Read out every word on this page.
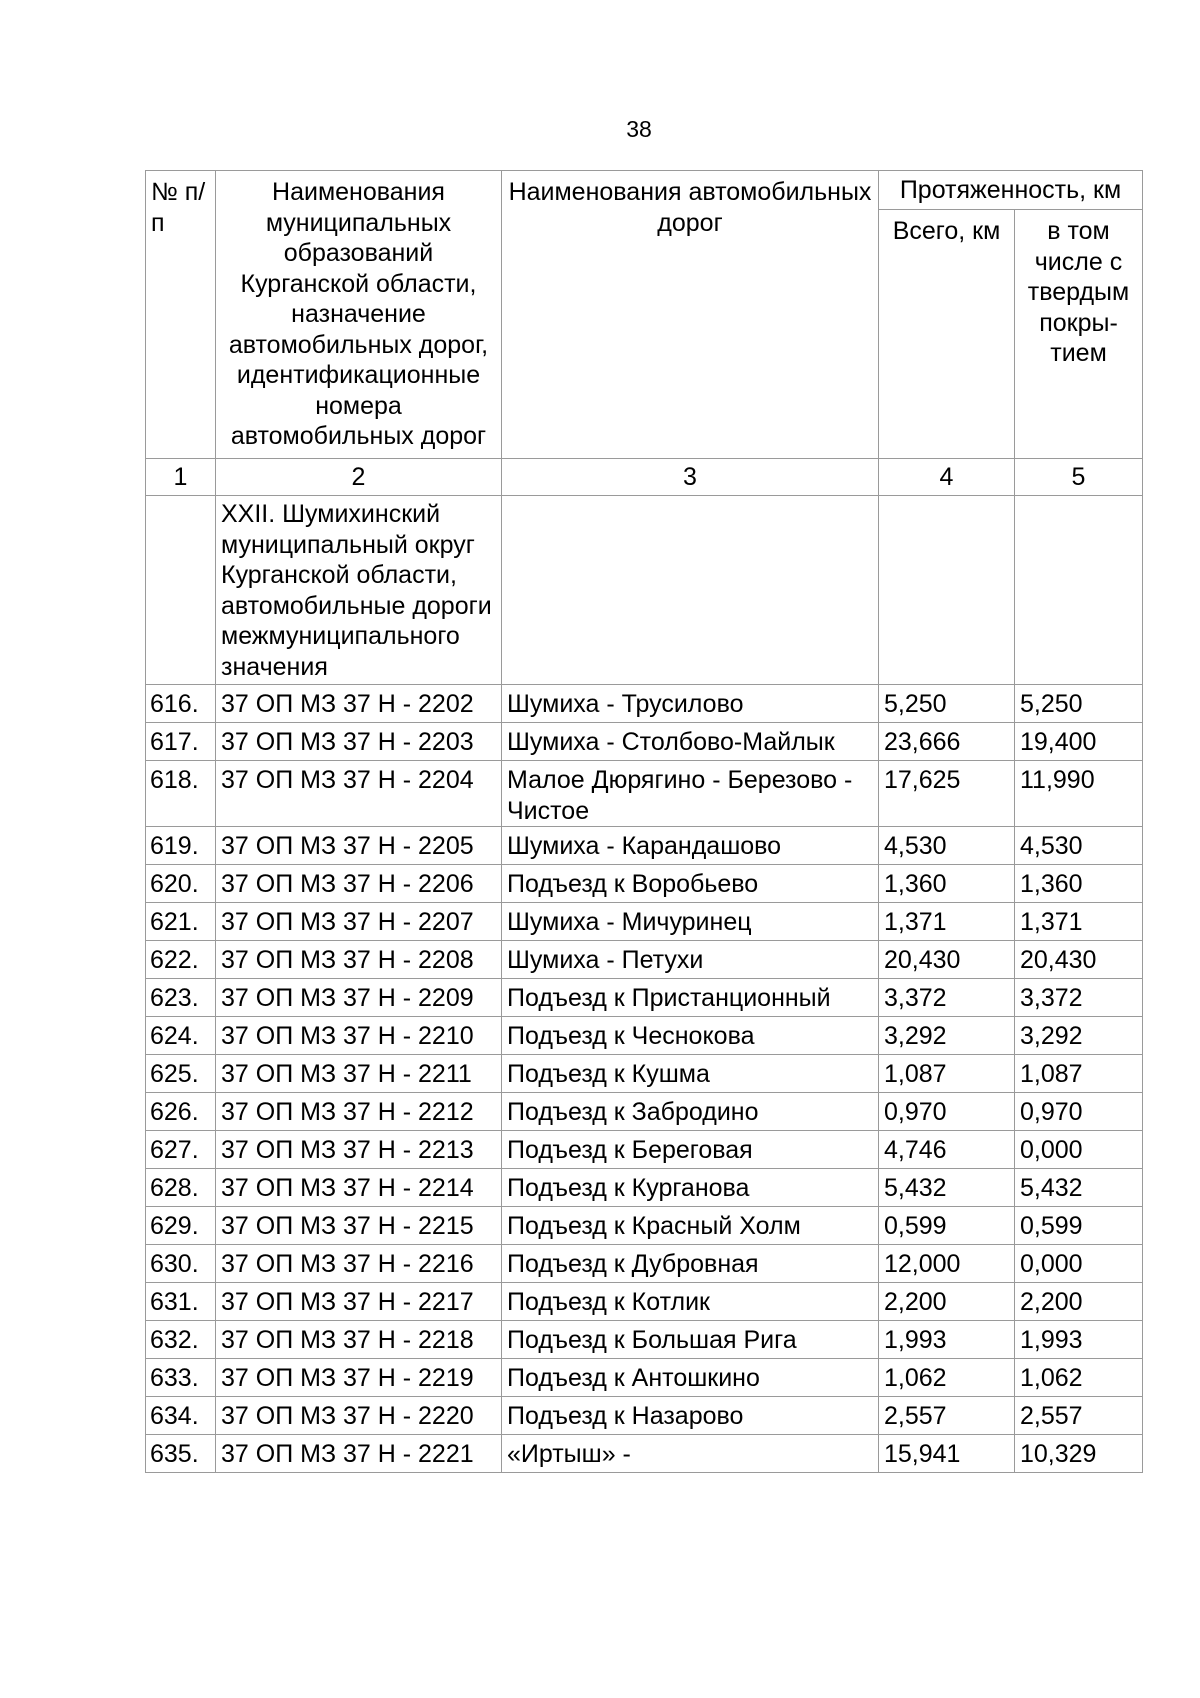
38
№ п/п	Наименования муниципальных образований Курганской области, назначение автомобильных дорог, идентификационные номера автомобильных дорог	Наименования автомобильных дорог	Протяженность, км	
			Всего, км	в том числе с твердым покры-тием
1	2	3	4	5
	XXII. Шумихинский муниципальный округ Курганской области, автомобильные дороги межмуниципального значения			
616.	37 ОП МЗ 37 Н - 2202	Шумиха - Трусилово	5,250	5,250
617.	37 ОП МЗ 37 Н - 2203	Шумиха - Столбово-Майлык	23,666	19,400
618.	37 ОП МЗ 37 Н - 2204	Малое Дюрягино - Березово - Чистое	17,625	11,990
619.	37 ОП МЗ 37 Н - 2205	Шумиха - Карандашово	4,530	4,530
620.	37 ОП МЗ 37 Н - 2206	Подъезд к Воробьево	1,360	1,360
621.	37 ОП МЗ 37 Н - 2207	Шумиха - Мичуринец	1,371	1,371
622.	37 ОП МЗ 37 Н - 2208	Шумиха - Петухи	20,430	20,430
623.	37 ОП МЗ 37 Н - 2209	Подъезд к Пристанционный	3,372	3,372
624.	37 ОП МЗ 37 Н - 2210	Подъезд к Чеснокова	3,292	3,292
625.	37 ОП МЗ 37 Н - 2211	Подъезд к Кушма	1,087	1,087
626.	37 ОП МЗ 37 Н - 2212	Подъезд к Забродино	0,970	0,970
627.	37 ОП МЗ 37 Н - 2213	Подъезд к Береговая	4,746	0,000
628.	37 ОП МЗ 37 Н - 2214	Подъезд к Курганова	5,432	5,432
629.	37 ОП МЗ 37 Н - 2215	Подъезд к Красный Холм	0,599	0,599
630.	37 ОП МЗ 37 Н - 2216	Подъезд к Дубровная	12,000	0,000
631.	37 ОП МЗ 37 Н - 2217	Подъезд к Котлик	2,200	2,200
632.	37 ОП МЗ 37 Н - 2218	Подъезд к Большая Рига	1,993	1,993
633.	37 ОП МЗ 37 Н - 2219	Подъезд к Антошкино	1,062	1,062
634.	37 ОП МЗ 37 Н - 2220	Подъезд к Назарово	2,557	2,557
635.	37 ОП МЗ 37 Н - 2221	«Иртыш» -	15,941	10,329
